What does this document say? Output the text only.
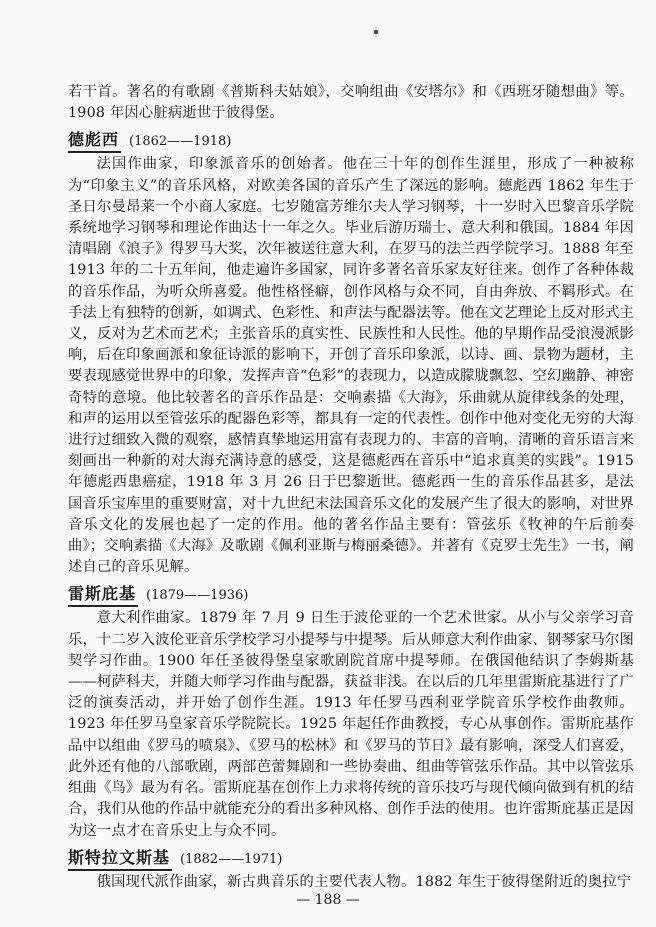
若干首。著名的有歌剧《普斯科夫姑娘》，交响组曲《安塔尔》和《西班牙随想曲》等。1908 年因心脏病逝世于彼得堡。

德彪西 (1862——1918)

法国作曲家，印象派音乐的创始者。他在三十年的创作生涯里，形成了一种被称为“印象主义”的音乐风格，对欧美各国的音乐产生了深远的影响。德彪西 1862 年生于圣日尔曼昂莱一个小商人家庭。七岁随富芳维尔夫人学习钢琴，十一岁时入巴黎音乐学院系统地学习钢琴和理论作曲达十一年之久。毕业后游历瑞士、意大利和俄国。1884 年因清唱剧《浪子》得罗马大奖，次年被送往意大利，在罗马的法兰西学院学习。1888 年至 1913 年的二十五年间，他走遍许多国家，同许多著名音乐家友好往来。创作了各种体裁的音乐作品，为听众所喜爱。他性格怪癖，创作风格与众不同，自由奔放、不羁形式。在手法上有独特的创新，如调式、色彩性、和声法与配器法等。他在文艺理论上反对形式主义，反对为艺术而艺术；主张音乐的真实性、民族性和人民性。他的早期作品受浪漫派影响，后在印象画派和象征诗派的影响下，开创了音乐印象派，以诗、画、景物为题材，主要表现感觉世界中的印象，发挥声音“色彩”的表现力，以造成朦胧飘忽、空幻幽静、神密奇特的意境。他比较著名的音乐作品是：交响素描《大海》，乐曲就从旋律线条的处理，和声的运用以至管弦乐的配器色彩等，都具有一定的代表性。创作中他对变化无穷的大海进行过细致入微的观察，感情真挚地运用富有表现力的、丰富的音响，清晰的音乐语言来刻画出一种新的对大海充满诗意的感受，这是德彪西在音乐中“追求真美的实践”。1915 年德彪西患癌症，1918 年 3 月 26 日于巴黎逝世。德彪西一生的音乐作品甚多，是法国音乐宝库里的重要财富，对十九世纪末法国音乐文化的发展产生了很大的影响，对世界音乐文化的发展也起了一定的作用。他的著名作品主要有：管弦乐《牧神的午后前奏曲》；交响素描《大海》及歌剧《佩利亚斯与梅丽桑德》。并著有《克罗士先生》一书，阐述自己的音乐见解。

雷斯庇基 (1879——1936)

意大利作曲家。1879 年 7 月 9 日生于波伦亚的一个艺术世家。从小与父亲学习音乐，十二岁入波伦亚音乐学校学习小提琴与中提琴。后从师意大利作曲家、钢琴家马尔图契学习作曲。1900 年任圣彼得堡皇家歌剧院首席中提琴师。在俄国他结识了李姆斯基——柯萨科夫，并随大师学习作曲与配器，获益非浅。在以后的几年里雷斯庇基进行了广泛的演奏活动，并开始了创作生涯。1913 年任罗马西利亚学院音乐学校作曲教师。1923 年任罗马皇家音乐学院院长。1925 年起任作曲教授，专心从事创作。雷斯庇基作品中以组曲《罗马的喷泉》、《罗马的松林》和《罗马的节日》最有影响，深受人们喜爱，此外还有他的八部歌剧，两部芭蕾舞剧和一些协奏曲、组曲等管弦乐作品。其中以管弦乐组曲《鸟》最为有名。雷斯庇基在创作上力求将传统的音乐技巧与现代倾向做到有机的结合，我们从他的作品中就能充分的看出多种风格、创作手法的使用。也许雷斯庇基正是因为这一点才在音乐史上与众不同。

斯特拉文斯基 (1882——1971)

俄国现代派作曲家，新古典音乐的主要代表人物。1882 年生于彼得堡附近的奥拉宁

— 188 —
